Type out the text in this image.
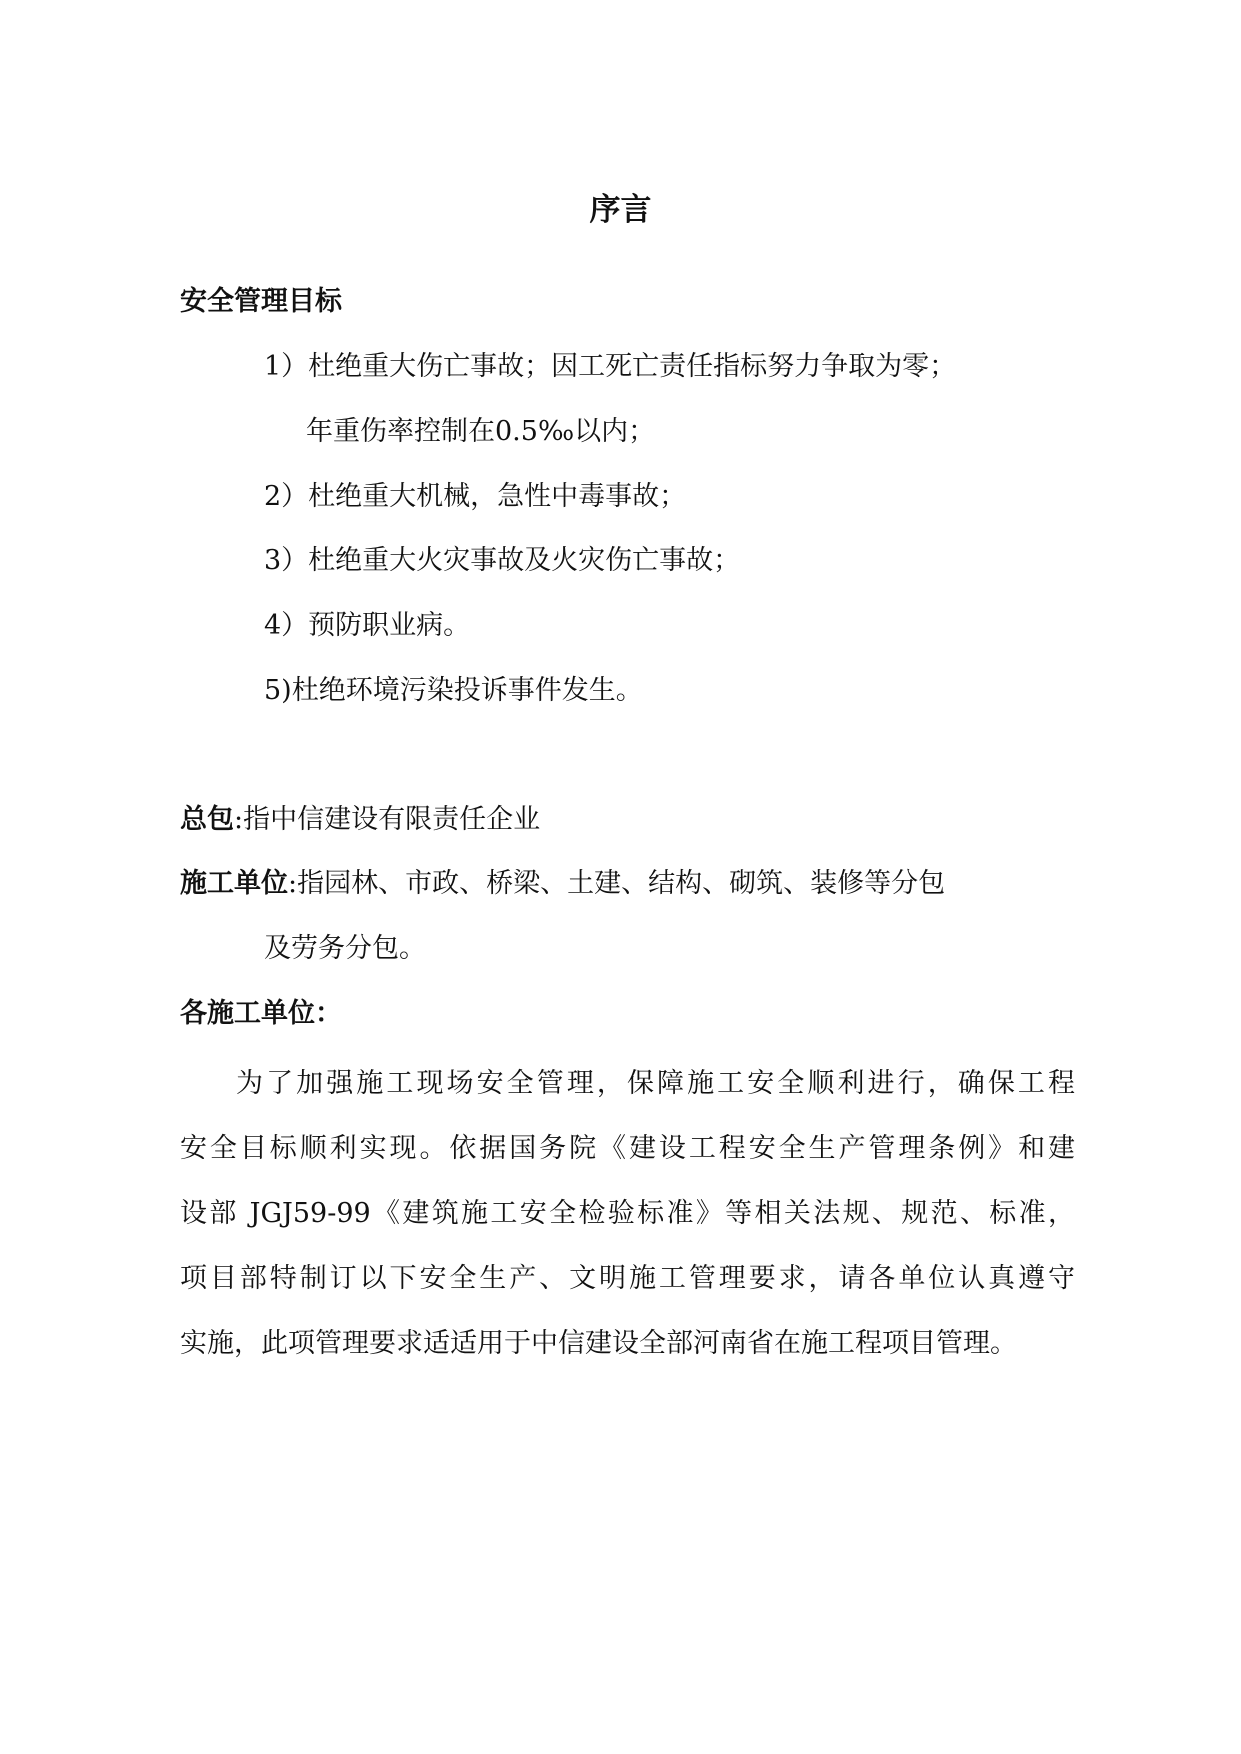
序言
安全管理目标
1）杜绝重大伤亡事故；因工死亡责任指标努力争取为零；
年重伤率控制在0.5‰以内；
2）杜绝重大机械，急性中毒事故；
3）杜绝重大火灾事故及火灾伤亡事故；
4）预防职业病。
5)杜绝环境污染投诉事件发生。
总包:指中信建设有限责任企业
施工单位:指园林、市政、桥梁、土建、结构、砌筑、装修等分包
及劳务分包。
各施工单位：
为了加强施工现场安全管理，保障施工安全顺利进行，确保工程
安全目标顺利实现。依据国务院《建设工程安全生产管理条例》和建
设部 JGJ59-99《建筑施工安全检验标准》等相关法规、规范、标准，
项目部特制订以下安全生产、文明施工管理要求，请各单位认真遵守
实施，此项管理要求适适用于中信建设全部河南省在施工程项目管理。
